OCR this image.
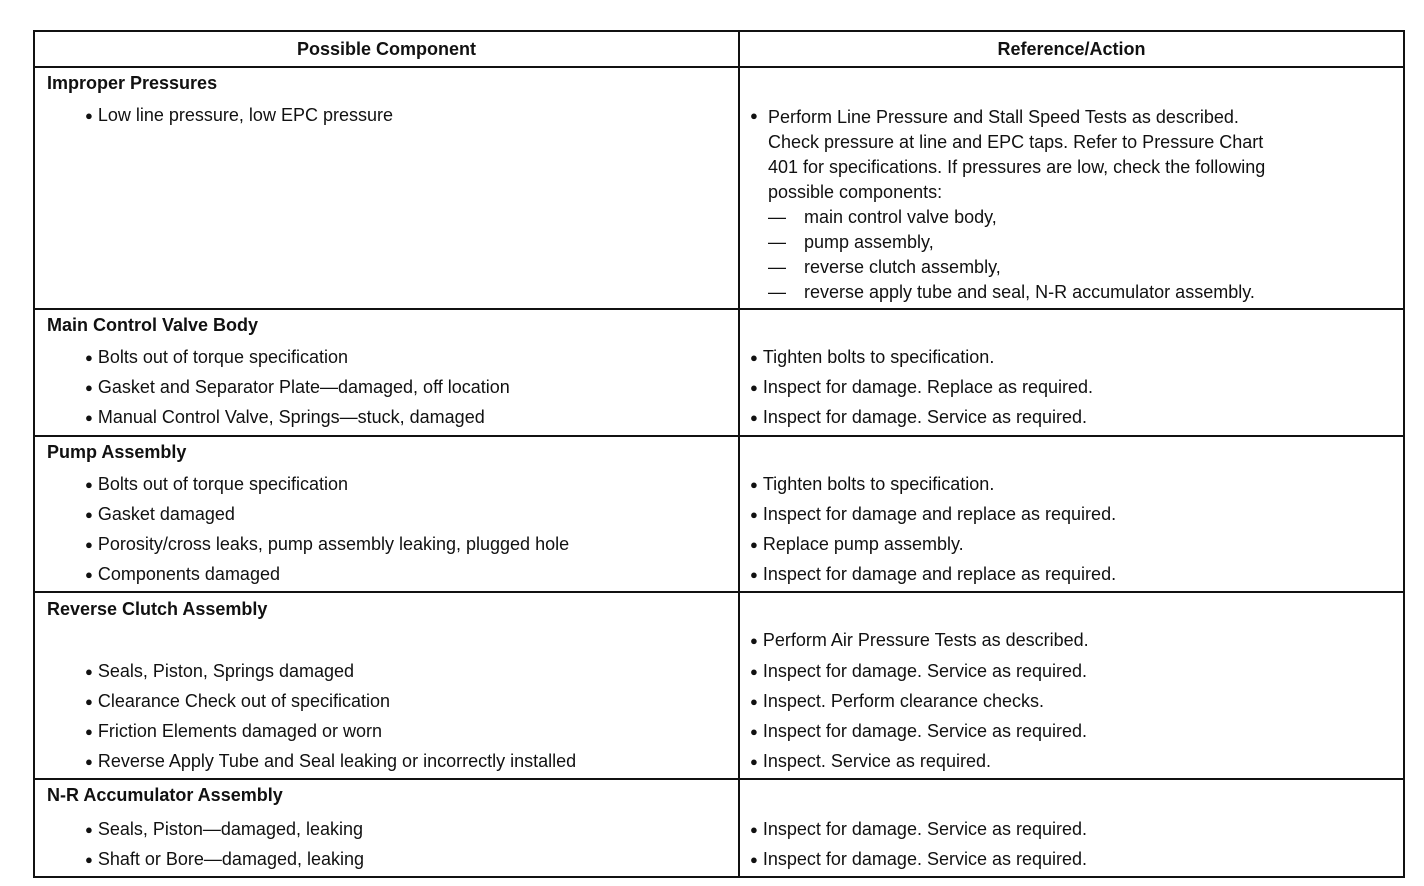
Possible Component	Reference/Action
Improper Pressures
● Low line pressure, low EPC pressure	● Perform Line Pressure and Stall Speed Tests as described.
Check pressure at line and EPC taps. Refer to Pressure Chart
401 for specifications. If pressures are low, check the following
possible components:
— main control valve body,
— pump assembly,
— reverse clutch assembly,
— reverse apply tube and seal, N-R accumulator assembly.
Main Control Valve Body
● Bolts out of torque specification
● Gasket and Separator Plate—damaged, off location
● Manual Control Valve, Springs—stuck, damaged
● Tighten bolts to specification.
● Inspect for damage. Replace as required.
● Inspect for damage. Service as required.
Pump Assembly
● Bolts out of torque specification
● Gasket damaged
● Porosity/cross leaks, pump assembly leaking, plugged hole
● Components damaged
● Tighten bolts to specification.
● Inspect for damage and replace as required.
● Replace pump assembly.
● Inspect for damage and replace as required.
Reverse Clutch Assembly
● Seals, Piston, Springs damaged
● Clearance Check out of specification
● Friction Elements damaged or worn
● Reverse Apply Tube and Seal leaking or incorrectly installed
● Perform Air Pressure Tests as described.
● Inspect for damage. Service as required.
● Inspect. Perform clearance checks.
● Inspect for damage. Service as required.
● Inspect. Service as required.
N-R Accumulator Assembly
● Seals, Piston—damaged, leaking
● Shaft or Bore—damaged, leaking
● Inspect for damage. Service as required.
● Inspect for damage. Service as required.
